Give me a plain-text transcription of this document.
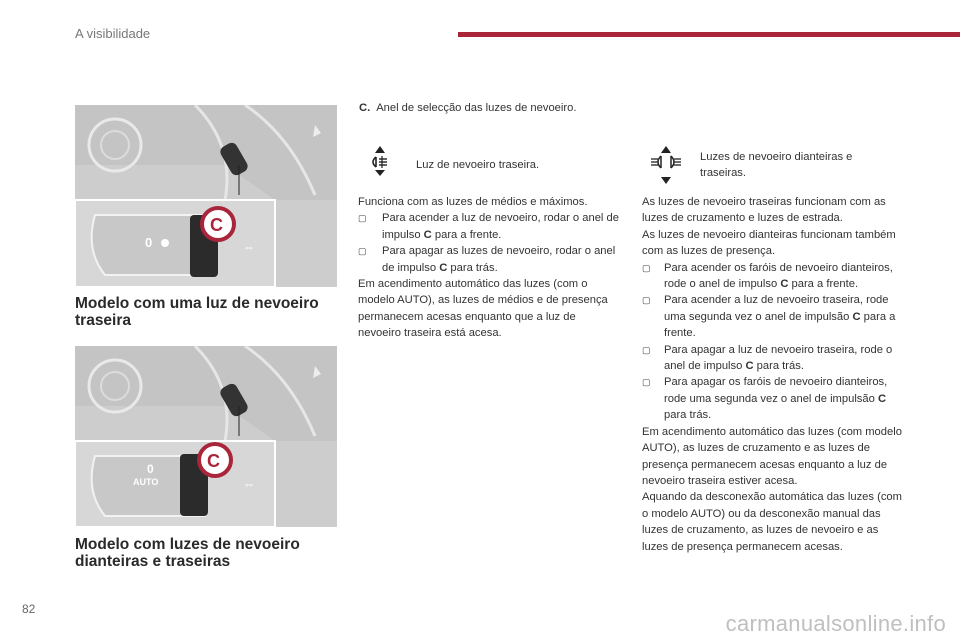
A visibilidade
0	⇔
C
Modelo com uma luz de nevoeiro traseira
0
AUTO	⇔
C
Modelo com luzes de nevoeiro dianteiras e traseiras
C. Anel de selecção das luzes de nevoeiro.
Luz de nevoeiro traseira.
Luzes de nevoeiro dianteiras e traseiras.

Funciona com as luzes de médios e máximos.

▢
Para acender a luz de nevoeiro, rodar o anel de impulso C para a frente.

▢
Para apagar as luzes de nevoeiro, rodar o anel de impulso C para trás.

Em acendimento automático das luzes (com o modelo AUTO), as luzes de médios e de presença permanecem acesas enquanto que a luz de nevoeiro traseira está acesa.

As luzes de nevoeiro traseiras funcionam com as luzes de cruzamento e luzes de estrada.

As luzes de nevoeiro dianteiras funcionam também com as luzes de presença.

▢
Para acender os faróis de nevoeiro dianteiros, rode o anel de impulso C para a frente.

▢
Para acender a luz de nevoeiro traseira, rode uma segunda vez o anel de impulsão C para a frente.

▢
Para apagar a luz de nevoeiro traseira, rode o anel de impulso C para trás.

▢
Para apagar os faróis de nevoeiro dianteiros, rode uma segunda vez o anel de impulsão C para trás.

Em acendimento automático das luzes (com modelo AUTO), as luzes de cruzamento e as luzes de presença permanecem acesas enquanto a luz de nevoeiro traseira estiver acesa.

Aquando da desconexão automática das luzes (com o modelo AUTO) ou da desconexão manual das luzes de cruzamento, as luzes de nevoeiro e as luzes de presença permanecem acesas.

82
carmanualsonline.info
